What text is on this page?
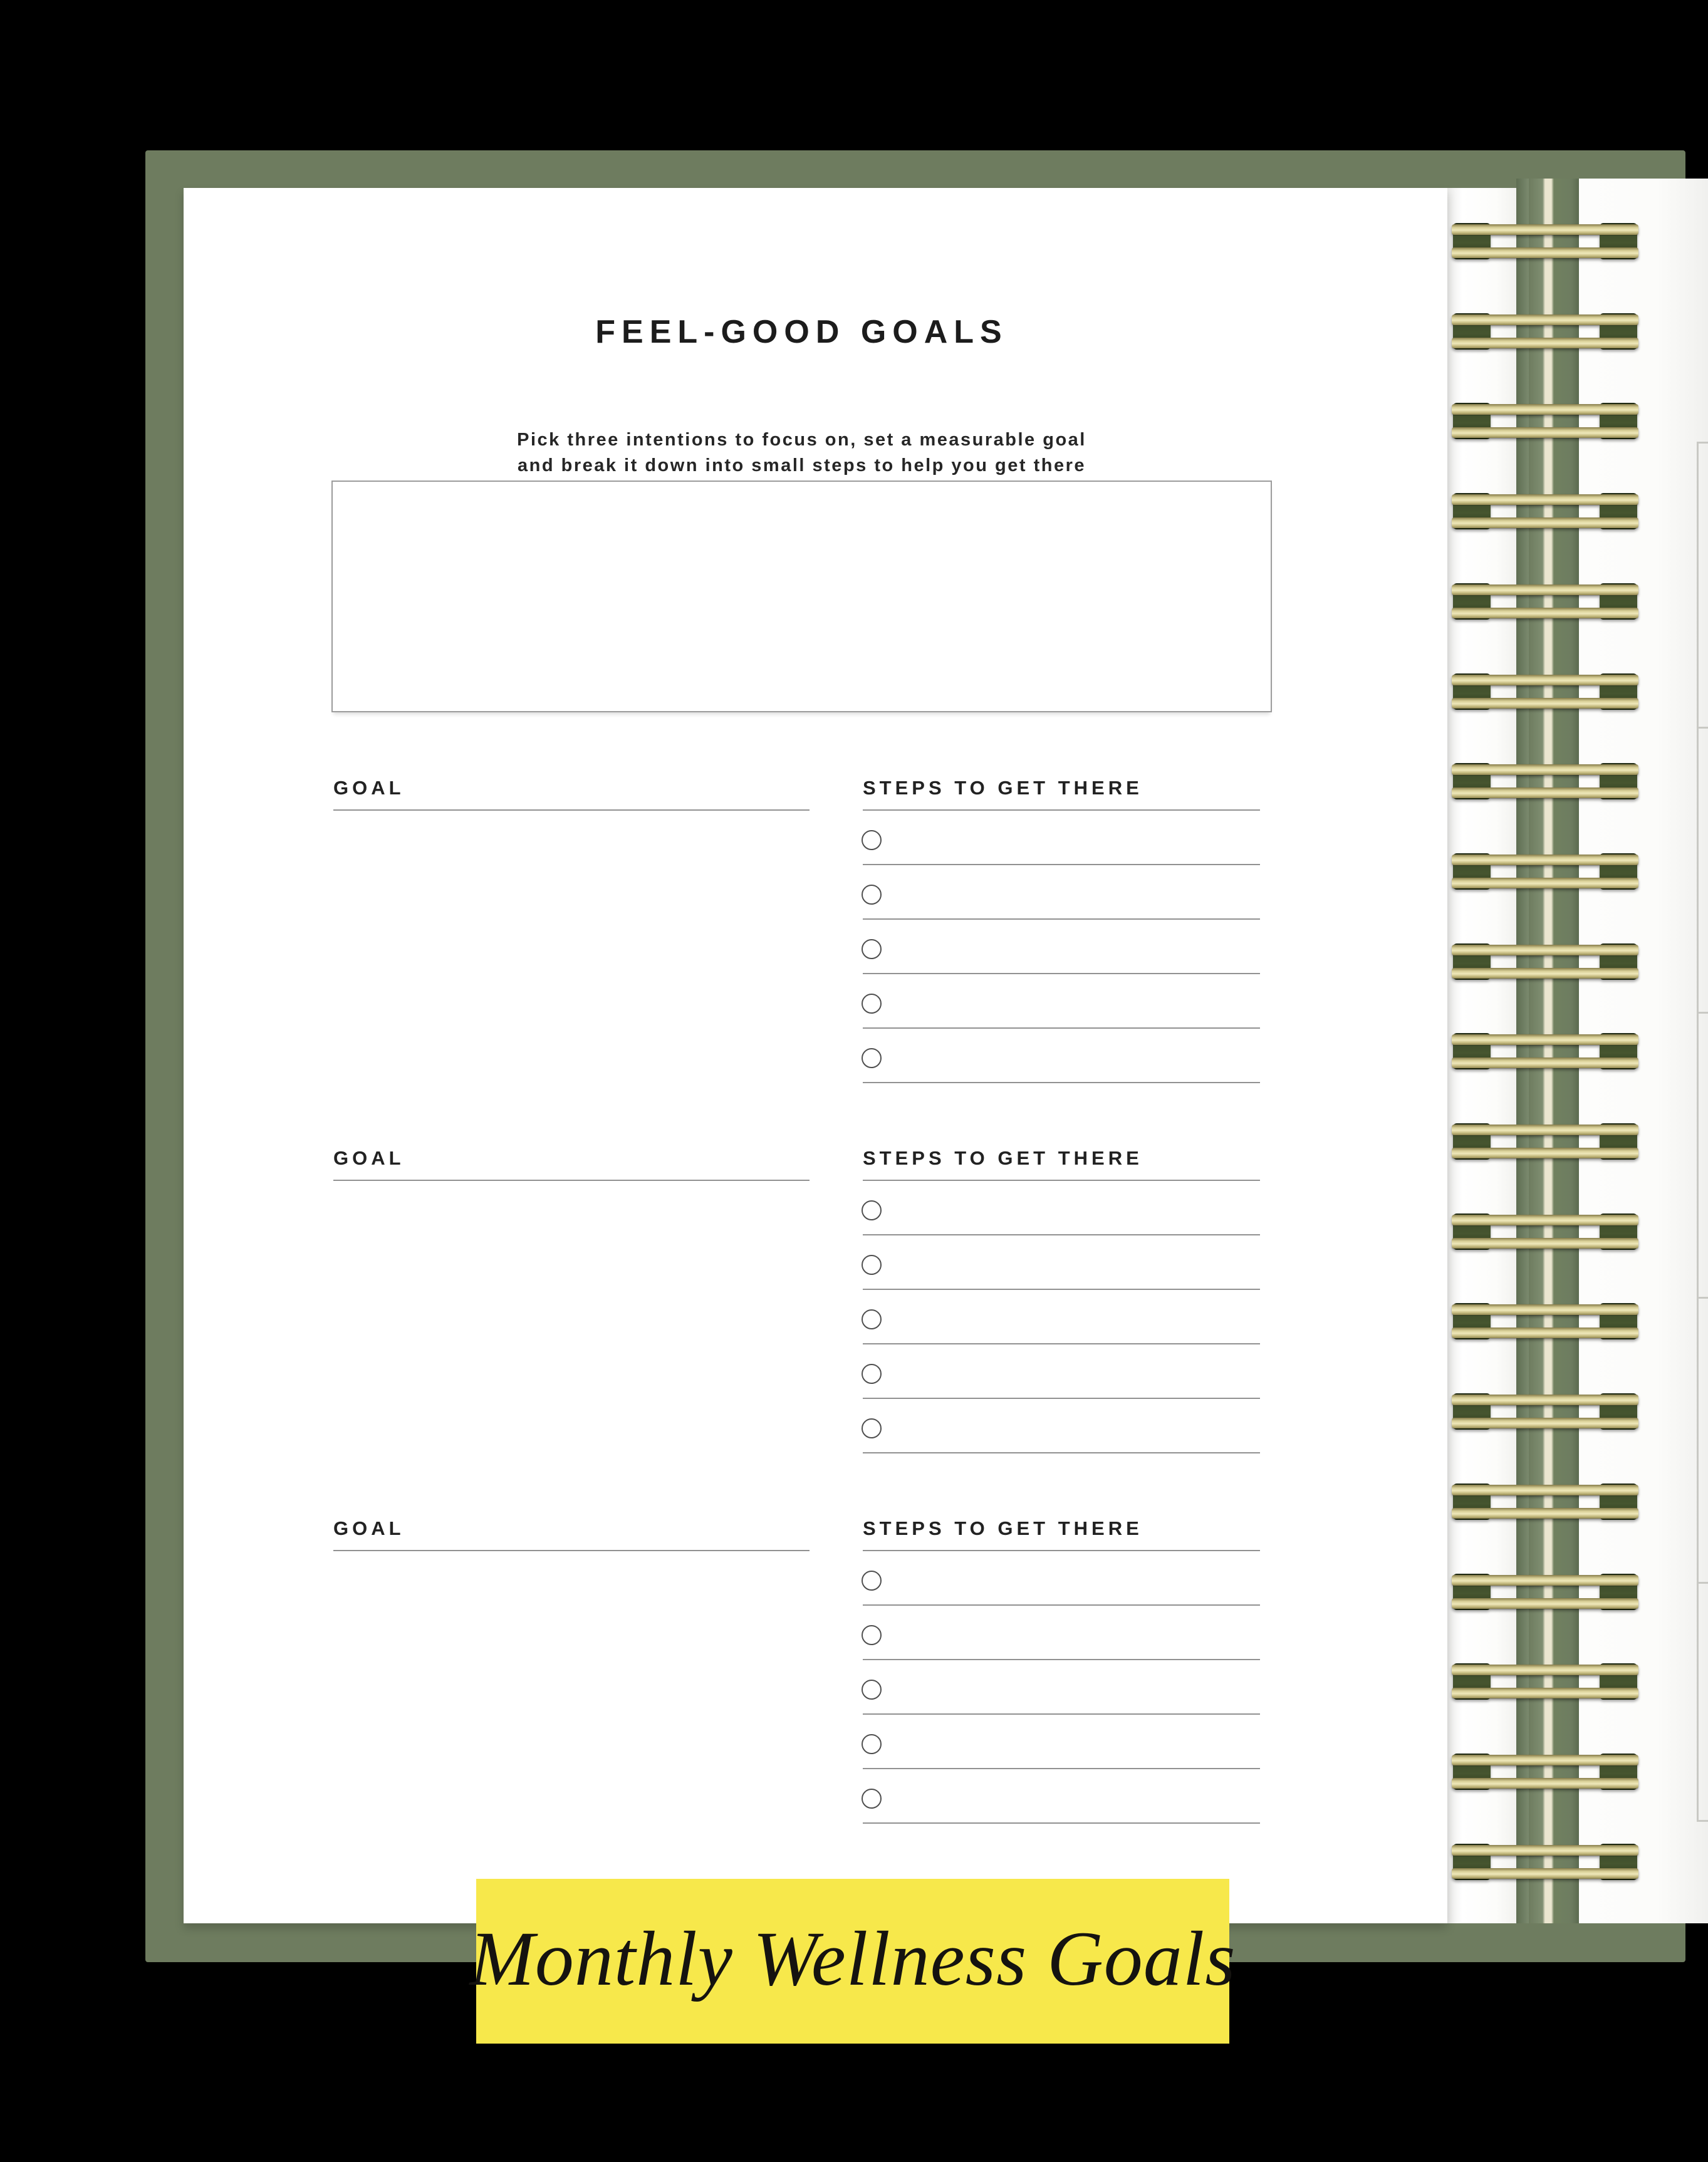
FEEL-GOOD GOALS
Pick three intentions to focus on, set a measurable goal
and break it down into small steps to help you get there
GOAL	STEPS TO GET THERE
GOAL	STEPS TO GET THERE
GOAL	STEPS TO GET THERE
Monthly Wellness Goals
